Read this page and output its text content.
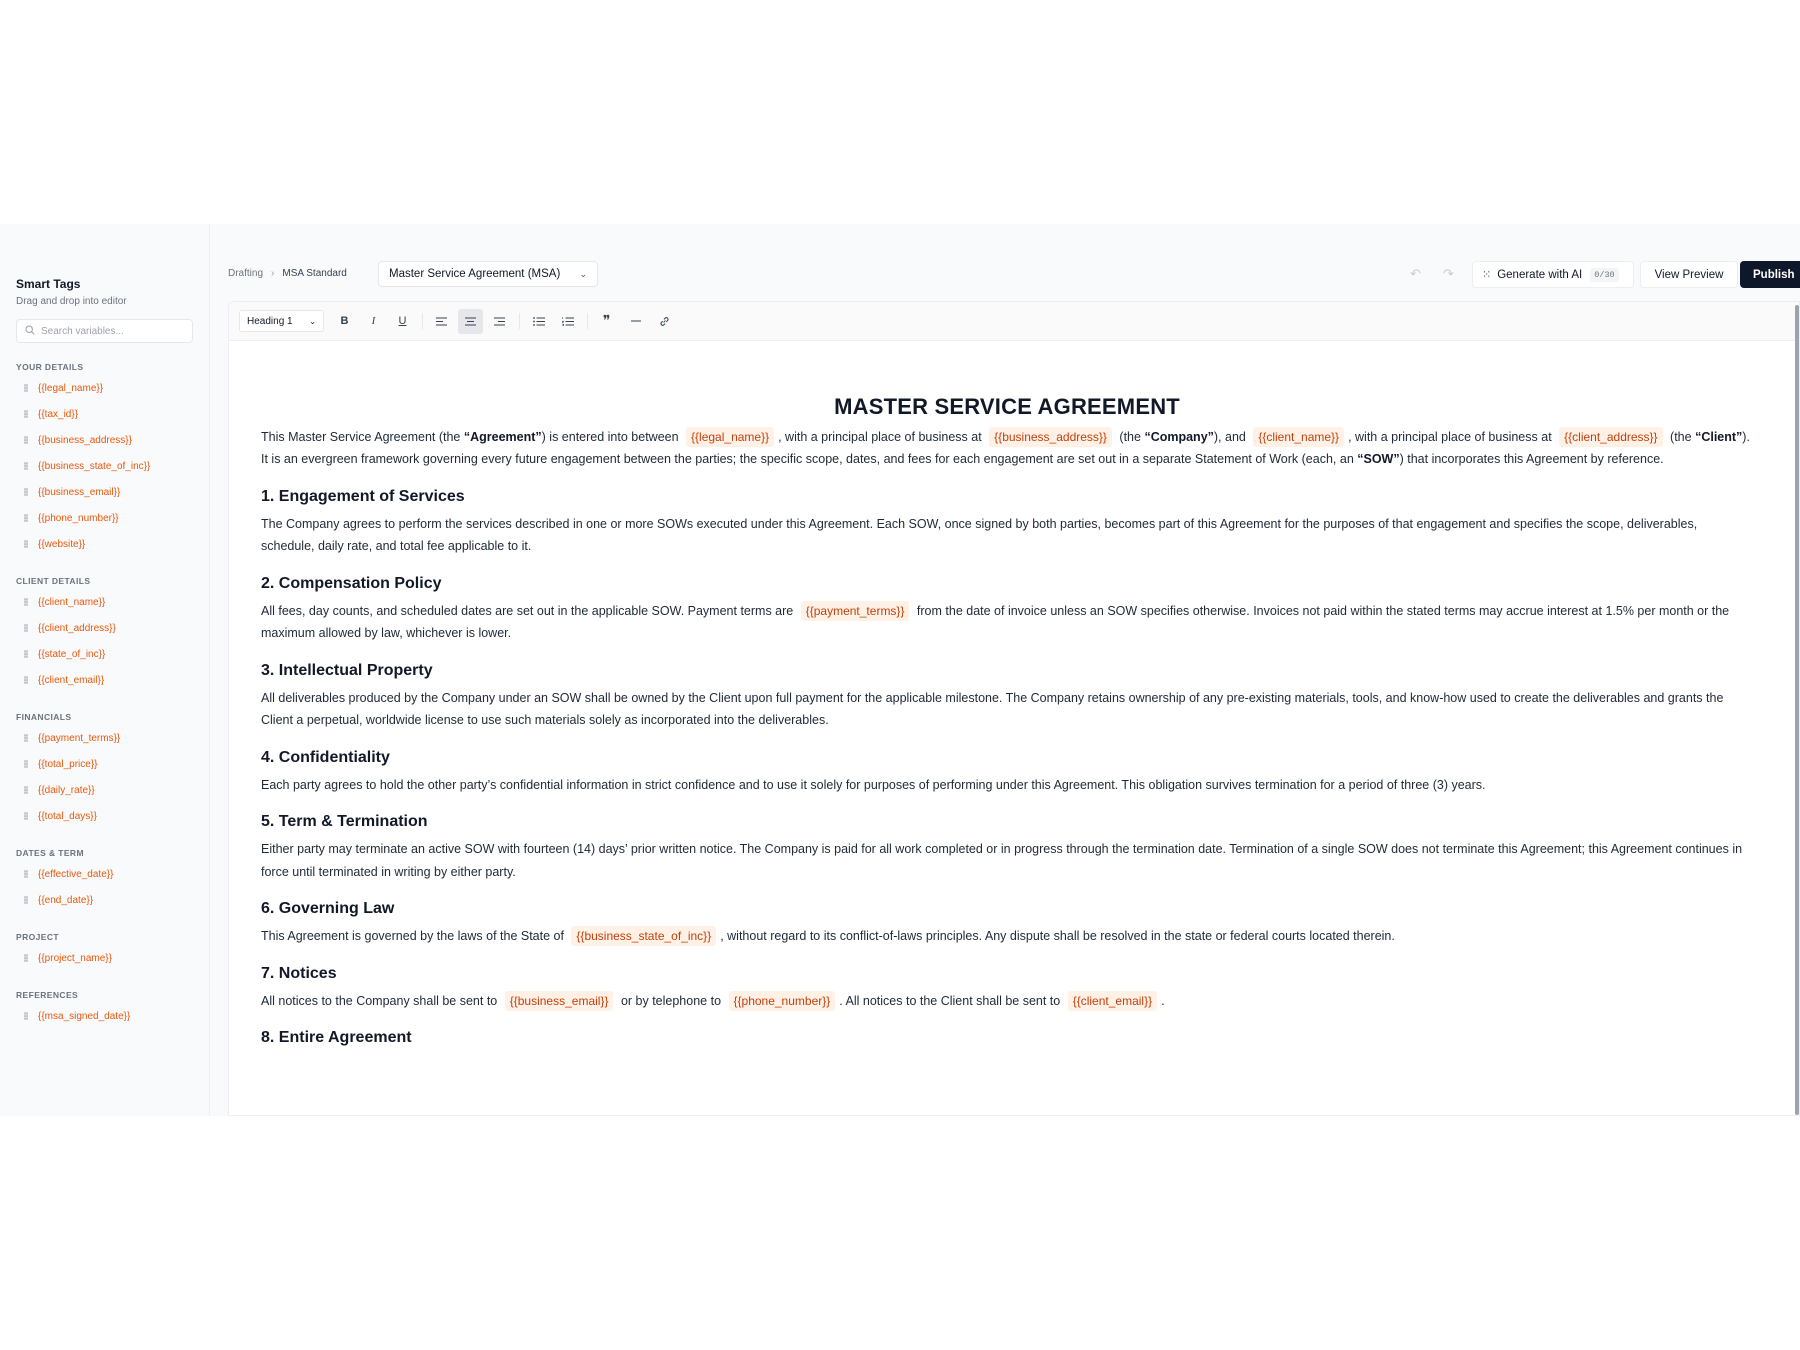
Smart Tags
Drag and drop into editor
Search variables...
YOUR DETAILS
{{legal_name}}
{{tax_id}}
{{business_address}}
{{business_state_of_inc}}
{{business_email}}
{{phone_number}}
{{website}}
CLIENT DETAILS
{{client_name}}
{{client_address}}
{{state_of_inc}}
{{client_email}}
FINANCIALS
{{payment_terms}}
{{total_price}}
{{daily_rate}}
{{total_days}}
DATES & TERM
{{effective_date}}
{{end_date}}
PROJECT
{{project_name}}
REFERENCES
{{msa_signed_date}}
Drafting › MSA Standard	Master Service Agreement (MSA) ⌄	↶ ↷	⁙ Generate with AI	0/30	View Preview	Publish
Heading 1 ⌄ B I U	❞
MASTER SERVICE AGREEMENT

This Master Service Agreement (the “Agreement”) is entered into between {{legal_name}} , with a principal place of business at {{business_address}} (the “Company”), and {{client_name}} , with a principal place of business at {{client_address}} (the “Client”). It is an evergreen framework governing every future engagement between the parties; the specific scope, dates, and fees for each engagement are set out in a separate Statement of Work (each, an “SOW”) that incorporates this Agreement by reference.

1. Engagement of Services

The Company agrees to perform the services described in one or more SOWs executed under this Agreement. Each SOW, once signed by both parties, becomes part of this Agreement for the purposes of that engagement and specifies the scope, deliverables, schedule, daily rate, and total fee applicable to it.

2. Compensation Policy

All fees, day counts, and scheduled dates are set out in the applicable SOW. Payment terms are {{payment_terms}} from the date of invoice unless an SOW specifies otherwise. Invoices not paid within the stated terms may accrue interest at 1.5% per month or the maximum allowed by law, whichever is lower.

3. Intellectual Property

All deliverables produced by the Company under an SOW shall be owned by the Client upon full payment for the applicable milestone. The Company retains ownership of any pre-existing materials, tools, and know-how used to create the deliverables and grants the Client a perpetual, worldwide license to use such materials solely as incorporated into the deliverables.

4. Confidentiality

Each party agrees to hold the other party’s confidential information in strict confidence and to use it solely for purposes of performing under this Agreement. This obligation survives termination for a period of three (3) years.

5. Term & Termination

Either party may terminate an active SOW with fourteen (14) days’ prior written notice. The Company is paid for all work completed or in progress through the termination date. Termination of a single SOW does not terminate this Agreement; this Agreement continues in force until terminated in writing by either party.

6. Governing Law

This Agreement is governed by the laws of the State of {{business_state_of_inc}} , without regard to its conflict-of-laws principles. Any dispute shall be resolved in the state or federal courts located therein.

7. Notices

All notices to the Company shall be sent to {{business_email}} or by telephone to {{phone_number}} . All notices to the Client shall be sent to {{client_email}} .

8. Entire Agreement
